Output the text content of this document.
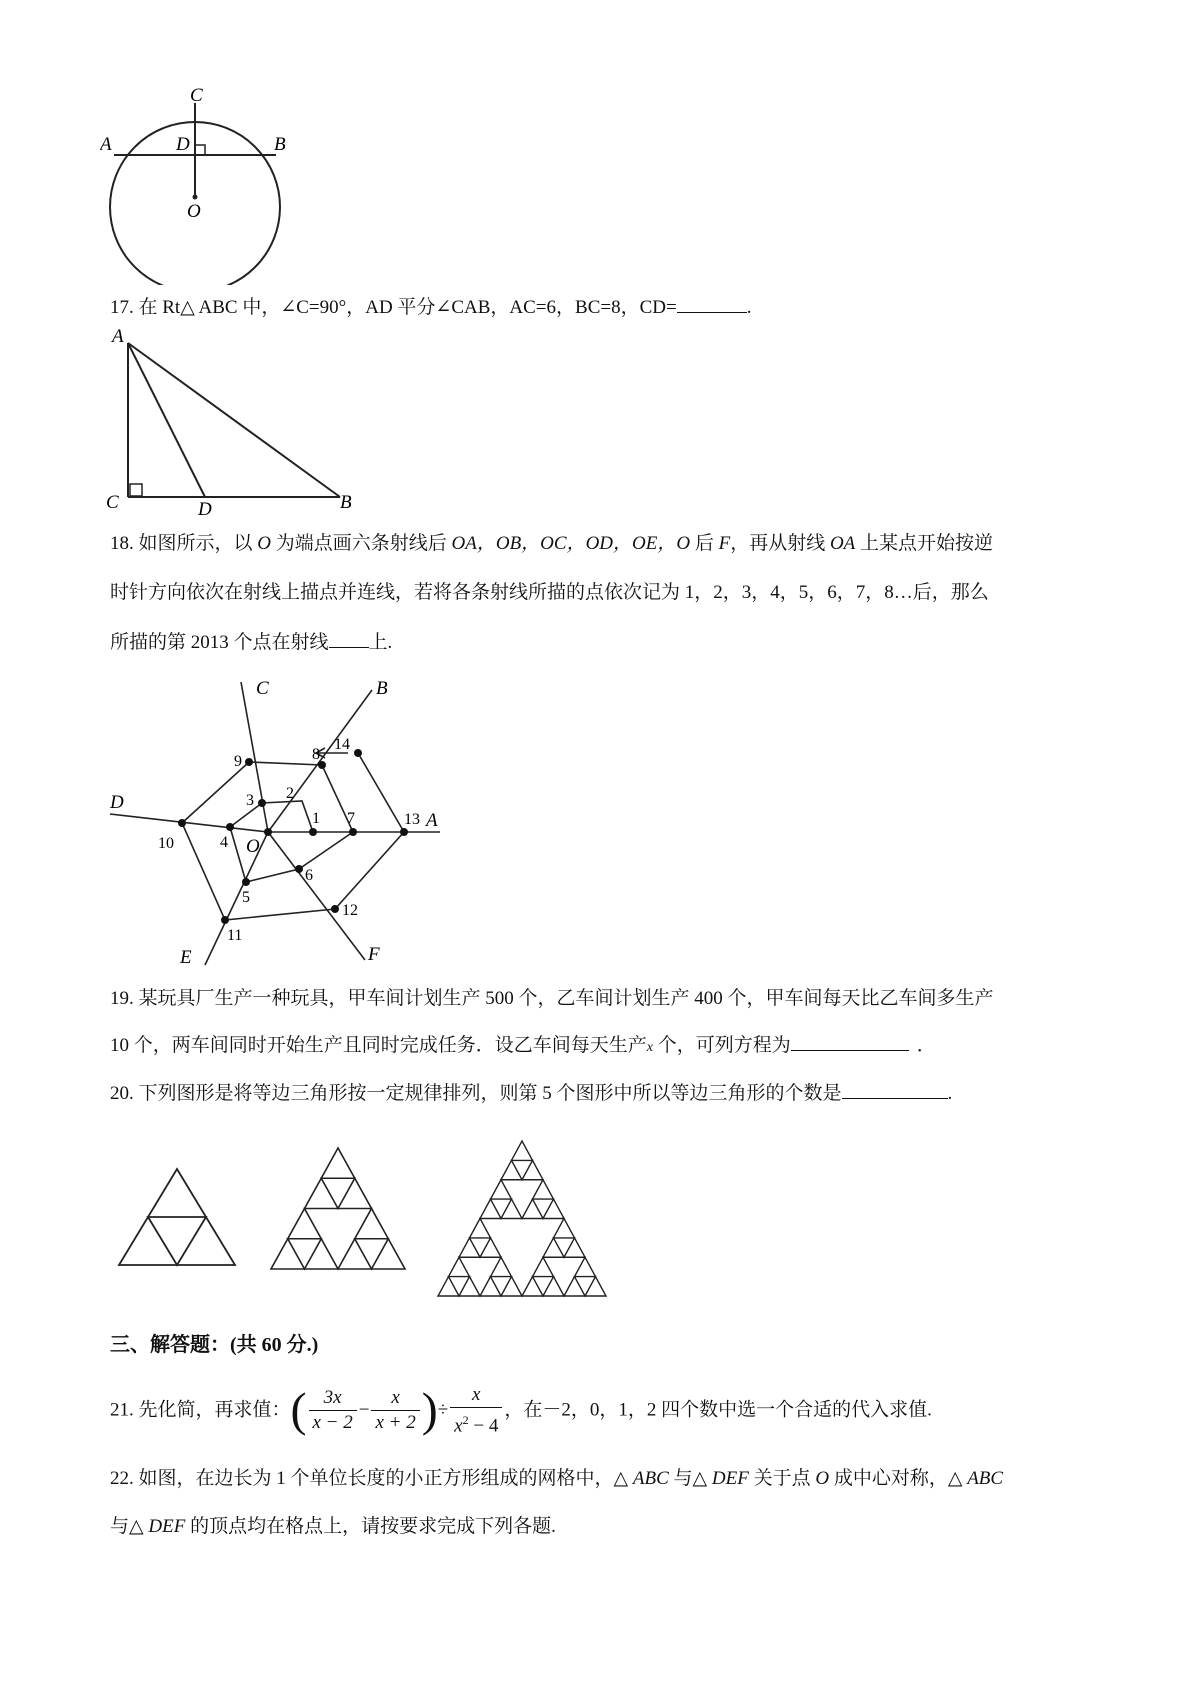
C
D
A	B
O
17. 在 Rt△ ABC 中，∠C=90°，AD 平分∠CAB，AC=6，BC=8，CD=	.
A
C	D	B
18. 如图所示，以 O 为端点画六条射线后 OA，OB，OC，OD，OE，O 后 F，再从射线 OA 上某点开始按逆
时针方向依次在射线上描点并连线，若将各条射线所描的点依次记为 1，2，3，4，5，6，7，8…后，那么
所描的第 2013 个点在射线 上.
C	B
D
A
O
E	F
1
2
3
4
5
6
7
8
9
10
11
12
13
14
19. 某玩具厂生产一种玩具，甲车间计划生产 500 个，乙车间计划生产 400 个，甲车间每天比乙车间多生产
10 个，两车间同时开始生产且同时完成任务．设乙车间每天生产x 个，可列方程为	．
20. 下列图形是将等边三角形按一定规律排列，则第 5 个图形中所以等边三角形的个数是	.
三、解答题：(共 60 分.)
21. 先化简，再求值：( $\frac{3x}{x - 2} - \frac{x}{x + 2}$ )÷ $\frac{x}{x^2 - 4}$ ，在－2，0，1，2 四个数中选一个合适的代入求值.
22. 如图，在边长为 1 个单位长度的小正方形组成的网格中，△ ABC 与△ DEF 关于点 O 成中心对称，△ ABC
与△ DEF 的顶点均在格点上，请按要求完成下列各题.
